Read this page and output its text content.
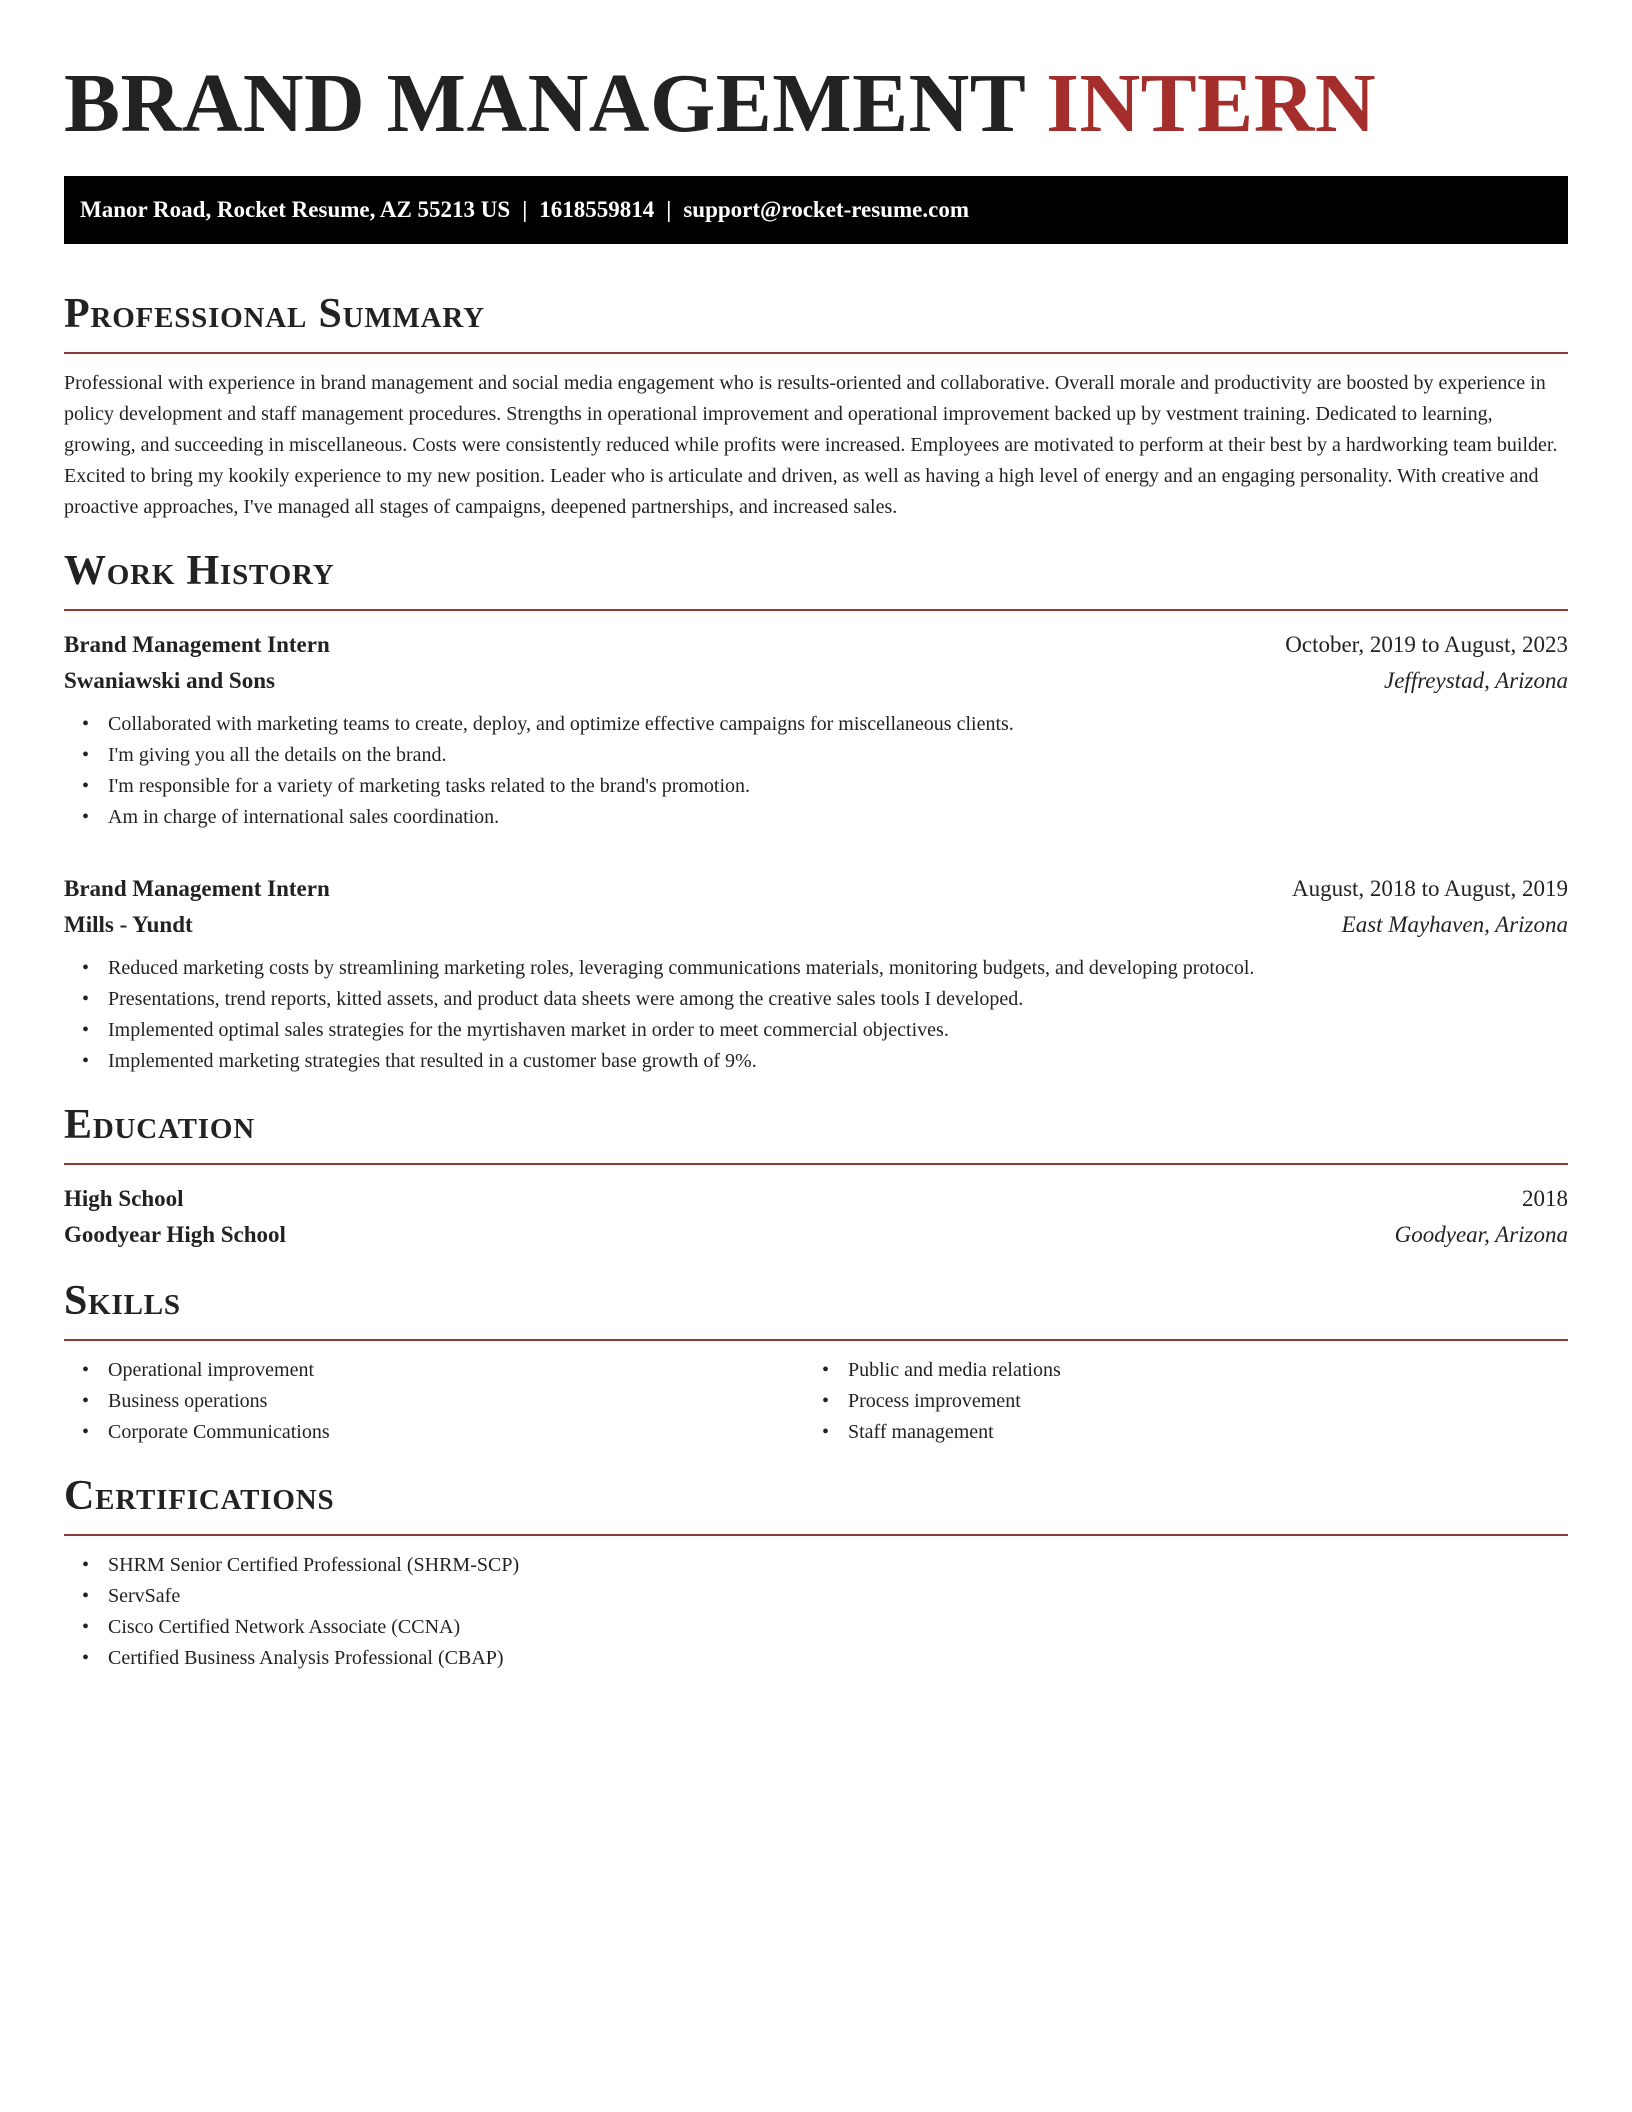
BRAND MANAGEMENT INTERN
Manor Road, Rocket Resume, AZ 55213 US | 1618559814 | support@rocket-resume.com
Professional Summary

Professional with experience in brand management and social media engagement who is results-oriented and collaborative. Overall morale and productivity are boosted by experience in policy development and staff management procedures. Strengths in operational improvement and operational improvement backed up by vestment training. Dedicated to learning, growing, and succeeding in miscellaneous. Costs were consistently reduced while profits were increased. Employees are motivated to perform at their best by a hardworking team builder. Excited to bring my kookily experience to my new position. Leader who is articulate and driven, as well as having a high level of energy and an engaging personality. With creative and proactive approaches, I've managed all stages of campaigns, deepened partnerships, and increased sales.

Work History
Brand Management Intern	October, 2019 to August, 2023
Swaniawski and Sons	Jeffreystad, Arizona
• Collaborated with marketing teams to create, deploy, and optimize effective campaigns for miscellaneous clients.
• I'm giving you all the details on the brand.
• I'm responsible for a variety of marketing tasks related to the brand's promotion.
• Am in charge of international sales coordination.
Brand Management Intern	August, 2018 to August, 2019
Mills - Yundt	East Mayhaven, Arizona
• Reduced marketing costs by streamlining marketing roles, leveraging communications materials, monitoring budgets, and developing protocol.
• Presentations, trend reports, kitted assets, and product data sheets were among the creative sales tools I developed.
• Implemented optimal sales strategies for the myrtishaven market in order to meet commercial objectives.
• Implemented marketing strategies that resulted in a customer base growth of 9%.
Education
High School	2018
Goodyear High School	Goodyear, Arizona
Skills
• Operational improvement
• Business operations
• Corporate Communications
• Public and media relations
• Process improvement
• Staff management
Certifications
• SHRM Senior Certified Professional (SHRM-SCP)
• ServSafe
• Cisco Certified Network Associate (CCNA)
• Certified Business Analysis Professional (CBAP)
